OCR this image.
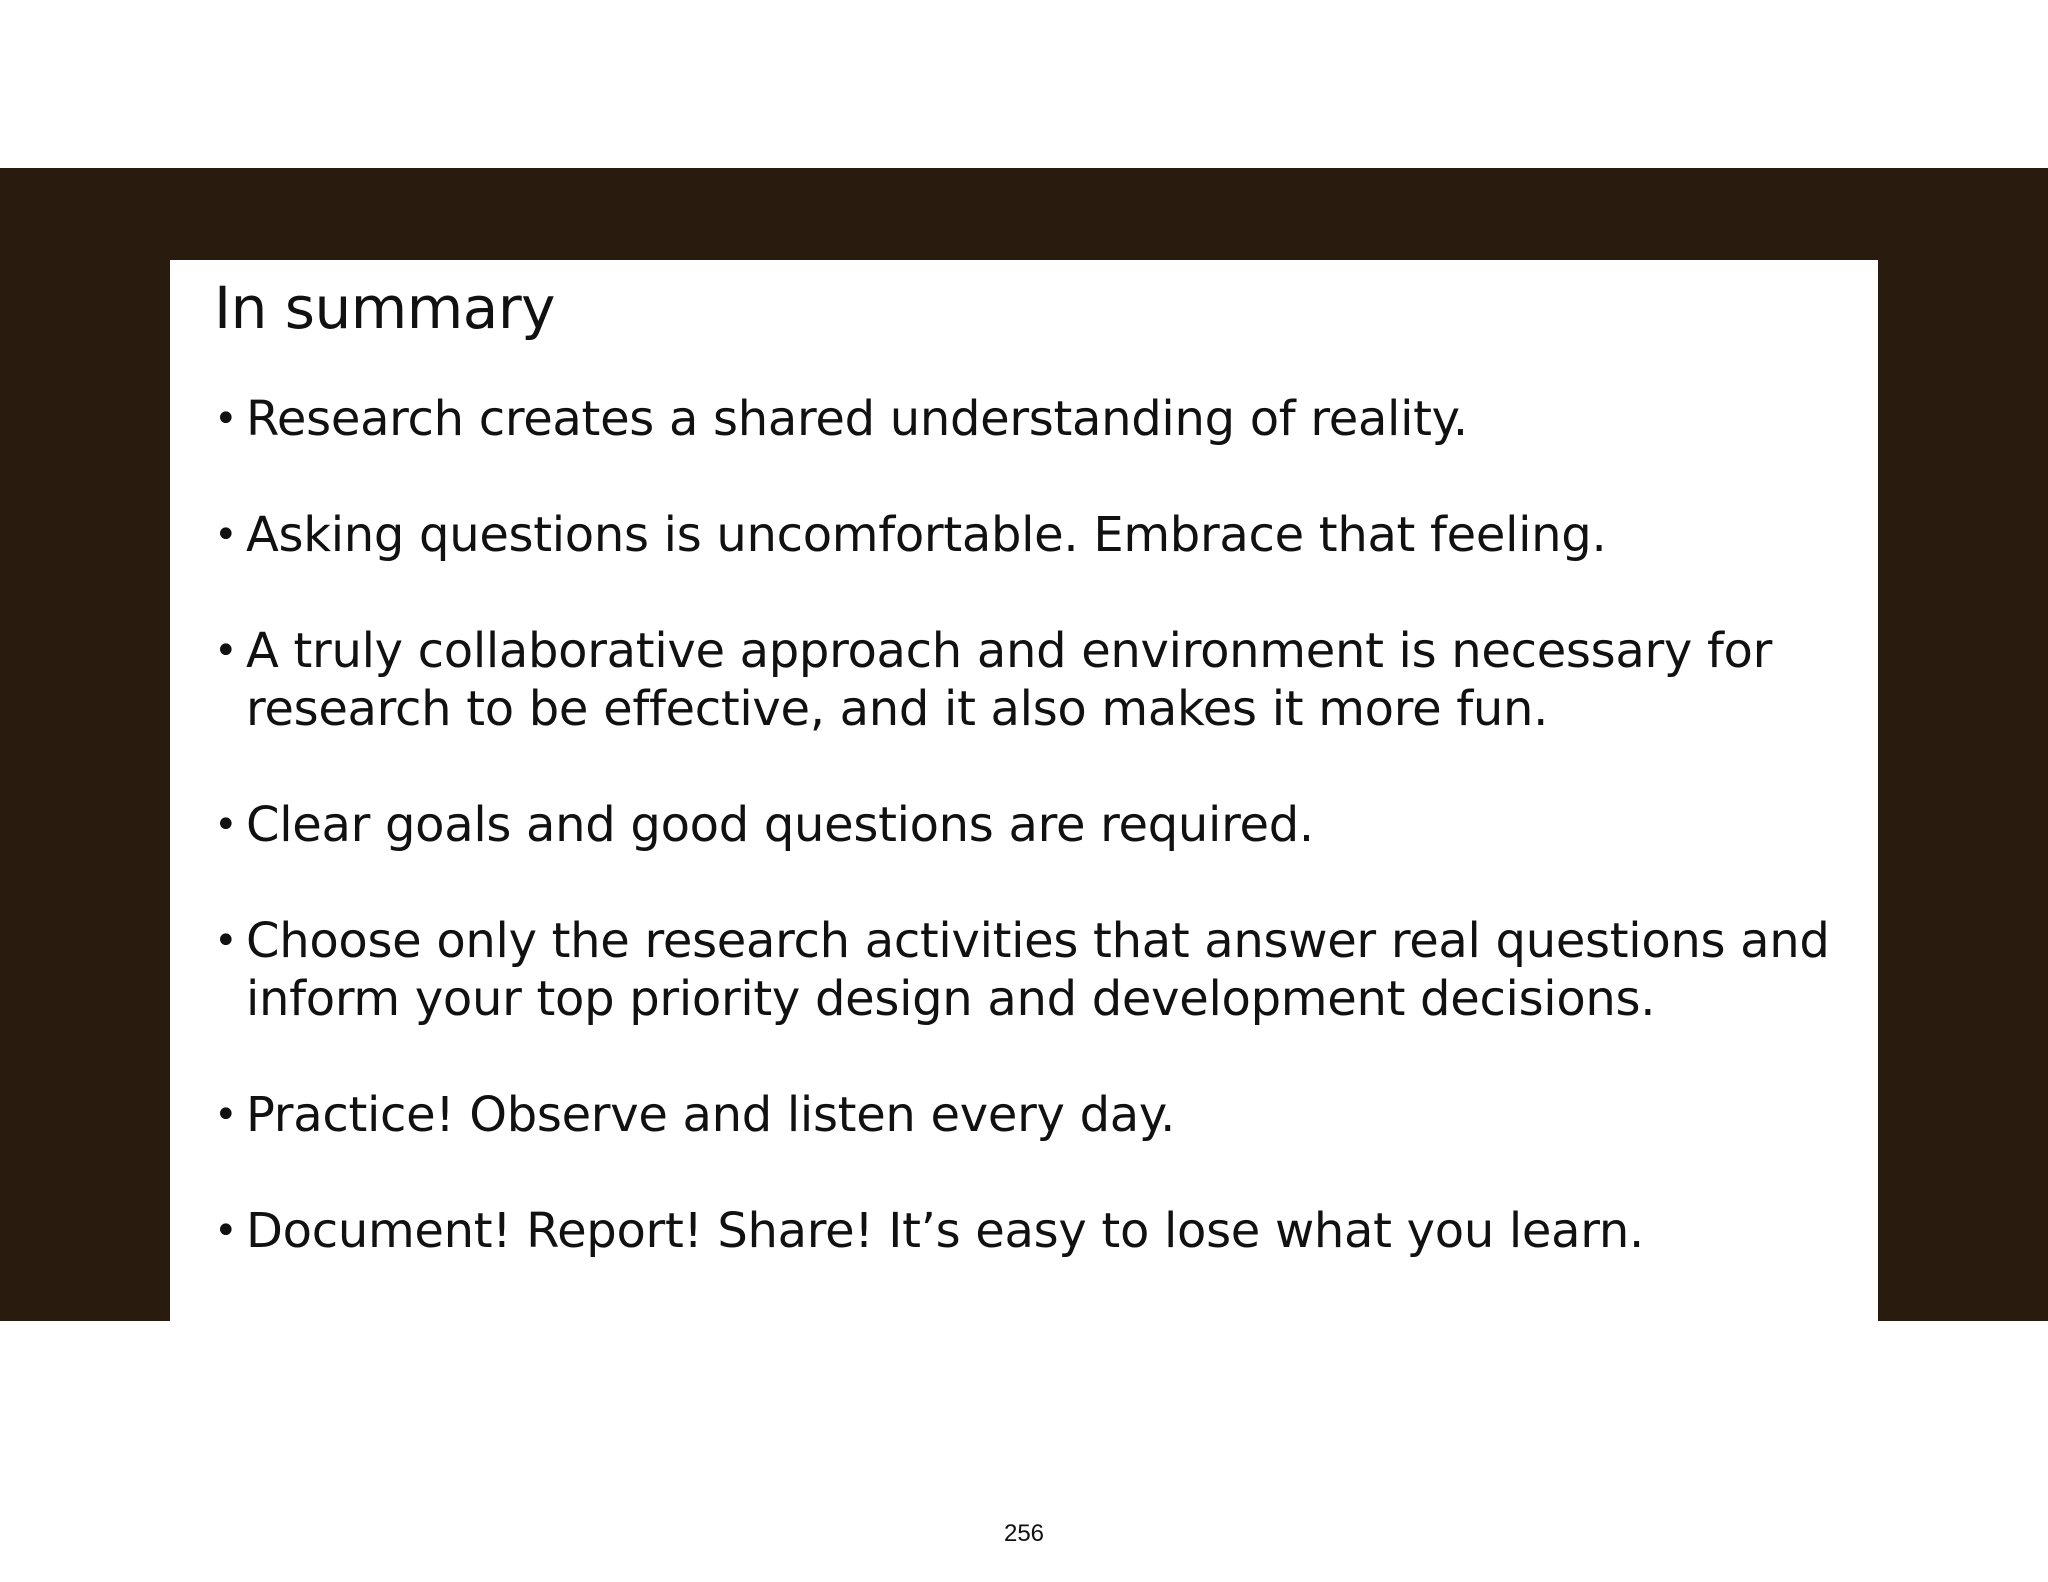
In summary
• Research creates a shared understanding of reality.
• Asking questions is uncomfortable. Embrace that feeling.
• A truly collaborative approach and environment is necessary for research to be effective, and it also makes it more fun.
• Clear goals and good questions are required.
• Choose only the research activities that answer real questions and inform your top priority design and development decisions.
• Practice! Observe and listen every day.
• Document! Report! Share! It’s easy to lose what you learn.
256
